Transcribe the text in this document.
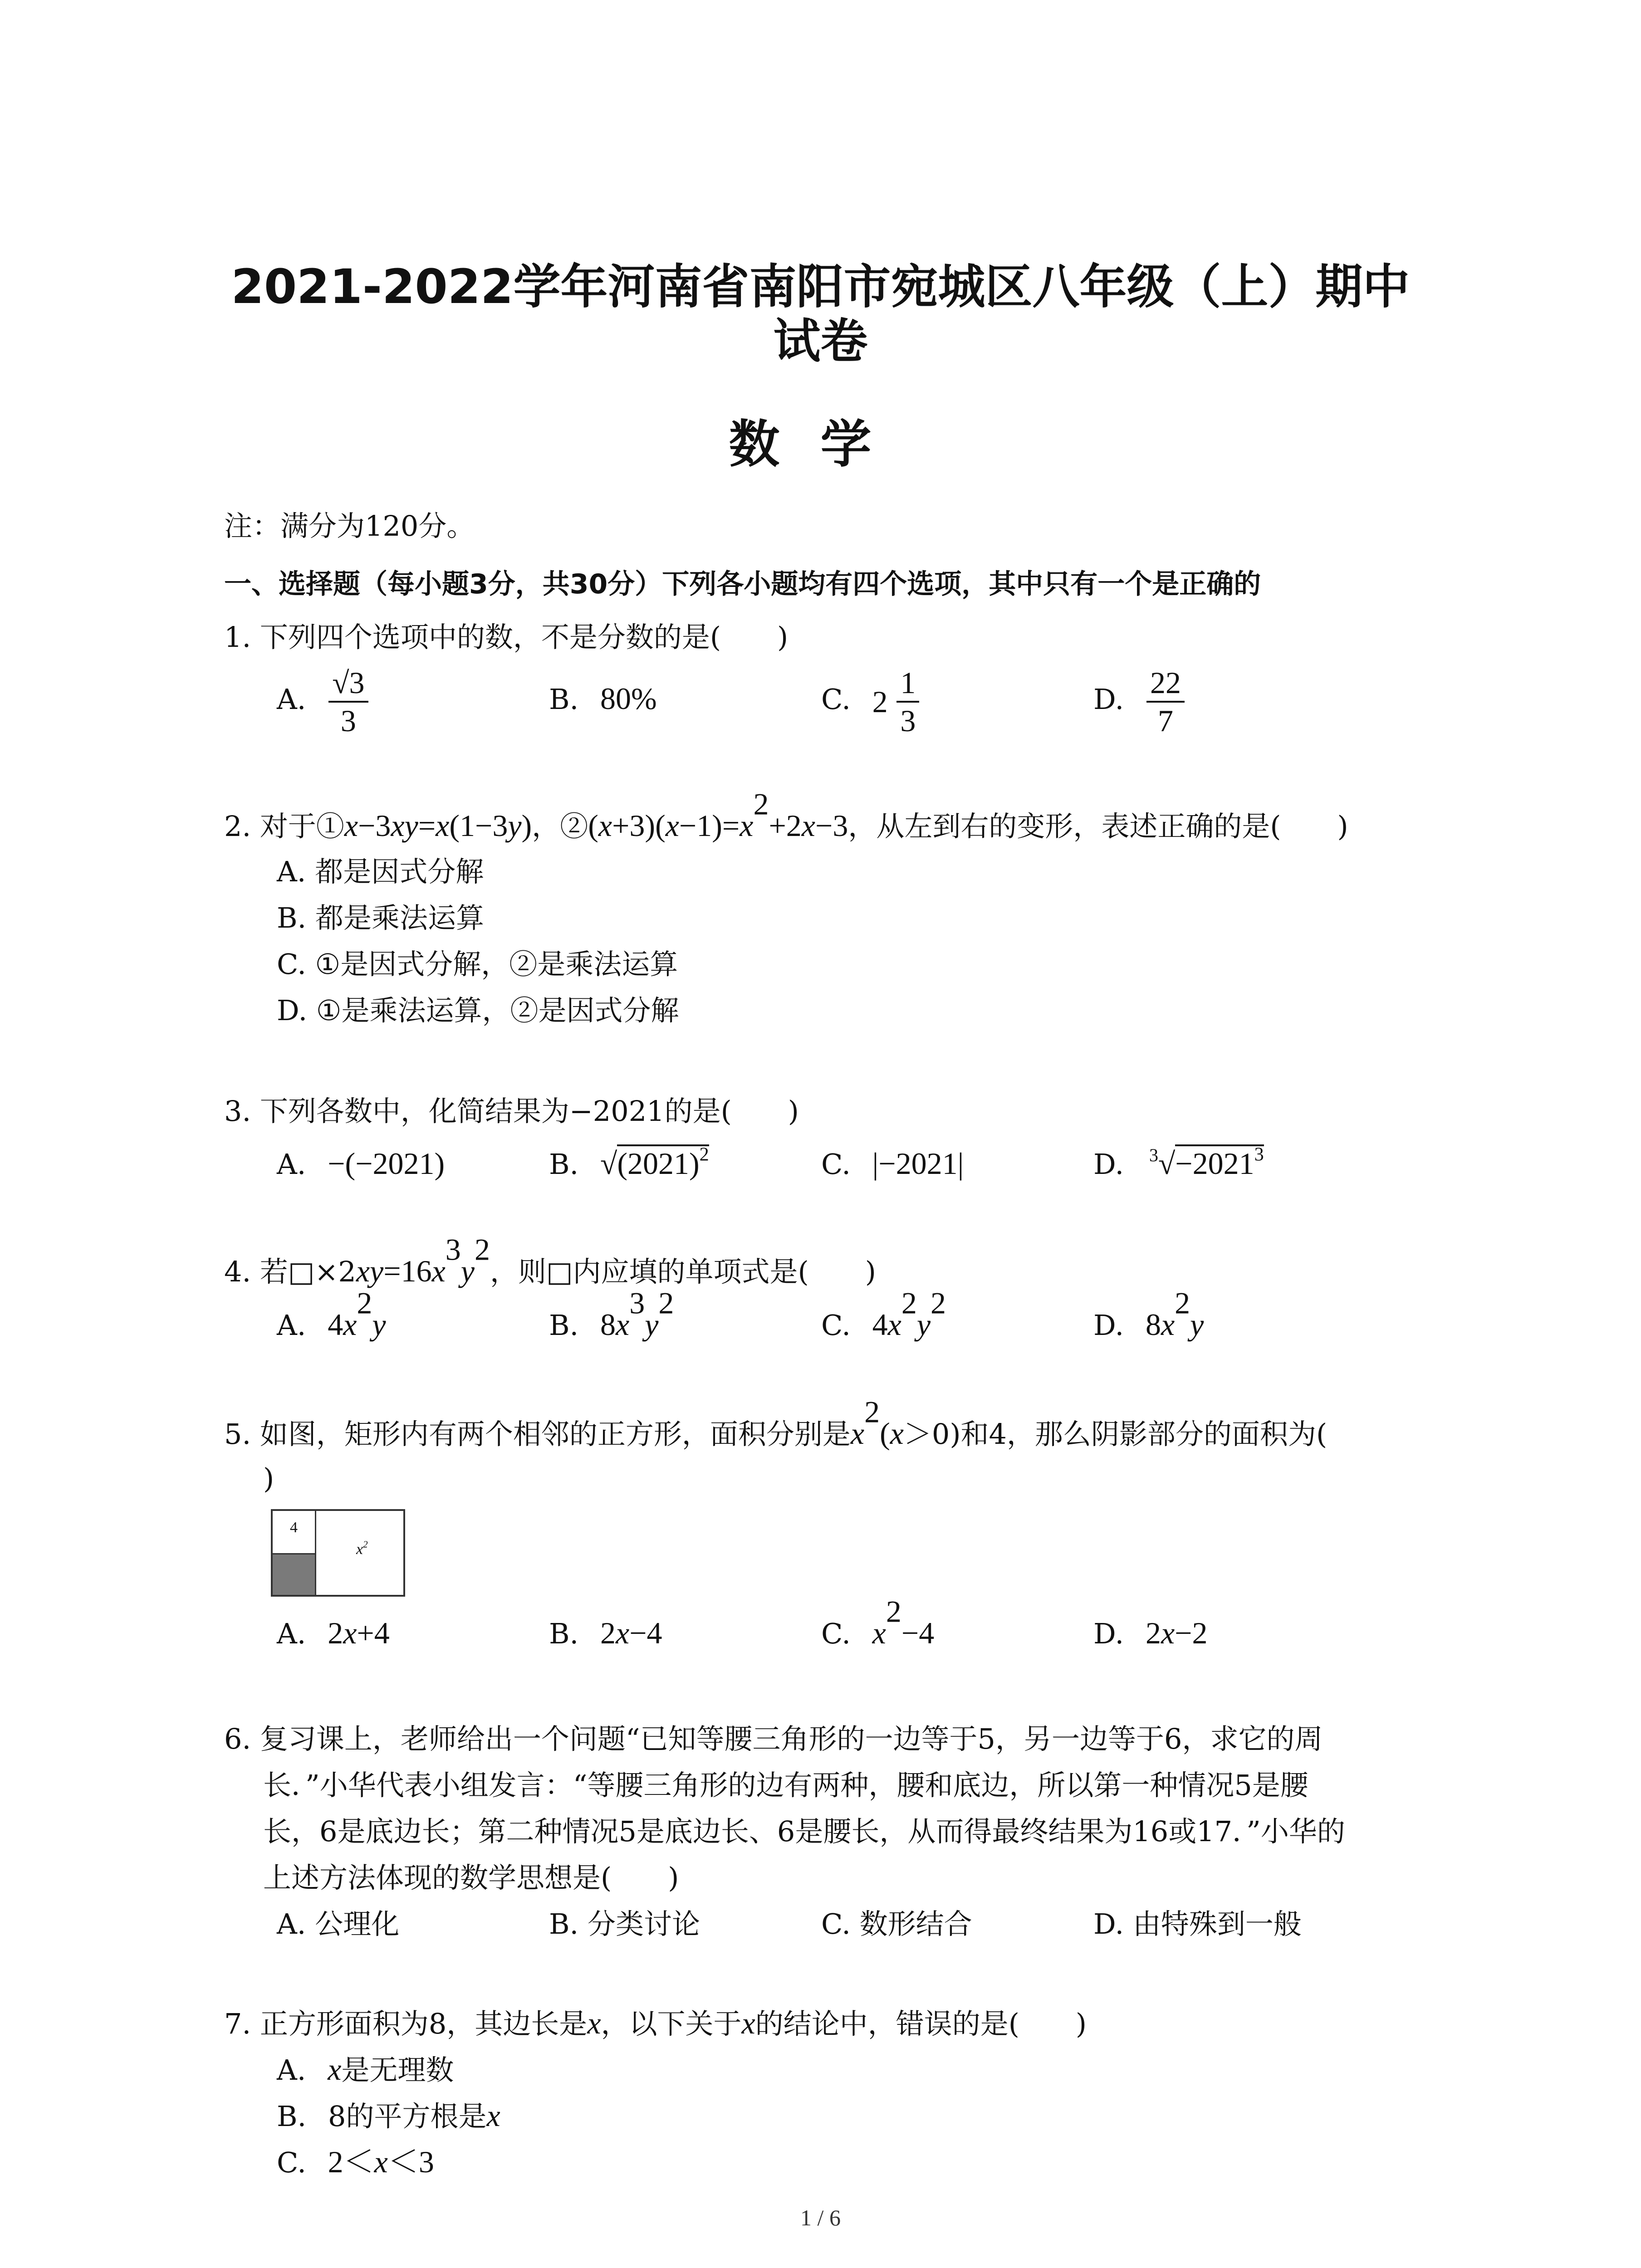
2021-2022学年河南省南阳市宛城区八年级（上）期中
试卷
数学
注：满分为120分。
一、选择题（每小题3分，共30分）下列各小题均有四个选项，其中只有一个是正确的
1. 下列四个选项中的数，不是分数的是(　　)
A. $\frac{√3}{3}$	B. 80%	C. $2 \frac{1}{3}$	D. $\frac{22}{7}$
2. 对于①x−3xy=x(1−3y)，$②(x+3)(x-1)=x^2+2x-3$，从左到右的变形，表述正确的是(　　)
A. 都是因式分解
B. 都是乘法运算
C. ①是因式分解，②是乘法运算
D. ①是乘法运算，②是因式分解
3. 下列各数中，化简结果为−2021的是(　　)
A. −(−2021)	B. $√(2021)^2$	C. |−2021|	D. $^3√-2021^3$
4. 若$□\times 2xy=16x^3y^2$，则□内应填的单项式是(　　)
A. $4x^2y$	B. $8x^3y^2$
C. $4x^2y^2$
D. $8x^2y$
5. 如图，矩形内有两个相邻的正方形，面积分别是$x^2(x>0)$和4，那么阴影部分的面积为(
)
4
$x^2$
A. 2x+4	B. 2x−4	C. $x^2-4$	D. 2x−2
6. 复习课上，老师给出一个问题“已知等腰三角形的一边等于5，另一边等于6，求它的周
长．”小华代表小组发言：“等腰三角形的边有两种，腰和底边，所以第一种情况5是腰
长，6是底边长；第二种情况5是底边长、6是腰长，从而得最终结果为16或17．”小华的
上述方法体现的数学思想是(　　)
A. 公理化	B. 分类讨论	C. 数形结合	D. 由特殊到一般
7. 正方形面积为8，其边长是x，以下关于x的结论中，错误的是(　　)
A. x是无理数
B. 8的平方根是x
C. 2＜x＜3
1 / 6
